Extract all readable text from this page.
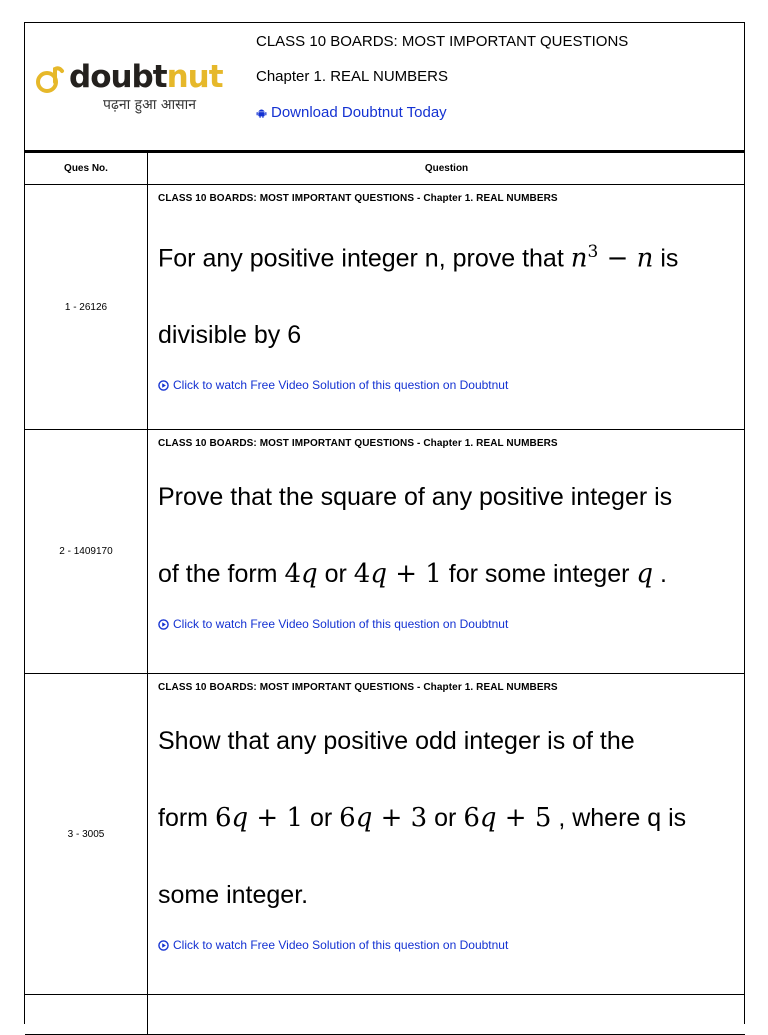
doubtnut
पढ़ना हुआ आसान
CLASS 10 BOARDS: MOST IMPORTANT QUESTIONS
Chapter 1. REAL NUMBERS
Download Doubtnut Today
Ques No.	Question
1 - 26126	CLASS 10 BOARDS: MOST IMPORTANT QUESTIONS - Chapter 1. REAL NUMBERS
For any positive integer n, prove that $n^3 - n$ is
divisible by 6
Click to watch Free Video Solution of this question on Doubtnut

2 - 1409170	CLASS 10 BOARDS: MOST IMPORTANT QUESTIONS - Chapter 1. REAL NUMBERS
Prove that the square of any positive integer is
of the form 4q or 4q + 1 for some integer q .
Click to watch Free Video Solution of this question on Doubtnut

3 - 3005	CLASS 10 BOARDS: MOST IMPORTANT QUESTIONS - Chapter 1. REAL NUMBERS
Show that any positive odd integer is of the
form 6q + 1 or 6q + 3 or 6q + 5 , where q is
some integer.
Click to watch Free Video Solution of this question on Doubtnut
